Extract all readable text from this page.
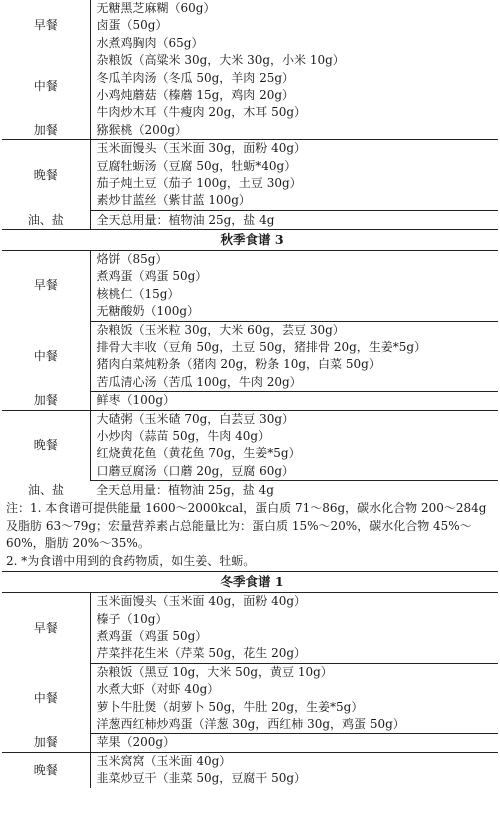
早餐	无糖黑芝麻糊（60g）
	卤蛋（50g）
	水煮鸡胸肉（65g）
中餐	杂粮饭（高粱米 30g，大米 30g，小米 10g）
	冬瓜羊肉汤（冬瓜 50g，羊肉 25g）
	小鸡炖蘑菇（榛蘑 15g，鸡肉 20g）
	牛肉炒木耳（牛瘦肉 20g，木耳 50g）
加餐	猕猴桃（200g）
晚餐	玉米面馒头（玉米面 30g，面粉 40g）
	豆腐牡蛎汤（豆腐 50g，牡蛎*40g）
	茄子炖土豆（茄子 100g，土豆 30g）
	素炒甘蓝丝（紫甘蓝 100g）
油、盐	全天总用量：植物油 25g，盐 4g
秋季食谱 3	
早餐	烙饼（85g）
	煮鸡蛋（鸡蛋 50g）
	核桃仁（15g）
	无糖酸奶（100g）
中餐	杂粮饭（玉米粒 30g，大米 60g，芸豆 30g）
	排骨大丰收（豆角 50g，土豆 50g，猪排骨 20g，生姜*5g）
	猪肉白菜炖粉条（猪肉 20g，粉条 10g，白菜 50g）
	苦瓜清心汤（苦瓜 100g，牛肉 20g）
加餐	鲜枣（100g）
晚餐	大碴粥（玉米碴 70g，白芸豆 30g）
	小炒肉（蒜苗 50g，牛肉 40g）
	红烧黄花鱼（黄花鱼 70g，生姜*5g）
	口蘑豆腐汤（口蘑 20g，豆腐 60g）
油、盐	全天总用量：植物油 25g，盐 4g

注：1. 本食谱可提供能量 1600～2000kcal，蛋白质 71～86g，碳水化合物 200～284g 及脂肪 63～79g；宏量营养素占总能量比为：蛋白质 15%～20%，碳水化合物 45%～60%，脂肪 20%～35%。
2. *为食谱中用到的食药物质，如生姜、牡蛎。	

冬季食谱 1	
早餐	玉米面馒头（玉米面 40g，面粉 40g）
	榛子（10g）
	煮鸡蛋（鸡蛋 50g）
	芹菜拌花生米（芹菜 50g，花生 20g）
中餐	杂粮饭（黑豆 10g，大米 50g，黄豆 10g）
	水煮大虾（对虾 40g）
	萝卜牛肚煲（胡萝卜 50g，牛肚 20g，生姜*5g）
	洋葱西红柿炒鸡蛋（洋葱 30g，西红柿 30g，鸡蛋 50g）
加餐	苹果（200g）
晚餐	玉米窝窝（玉米面 40g）
	韭菜炒豆干（韭菜 50g，豆腐干 50g）
